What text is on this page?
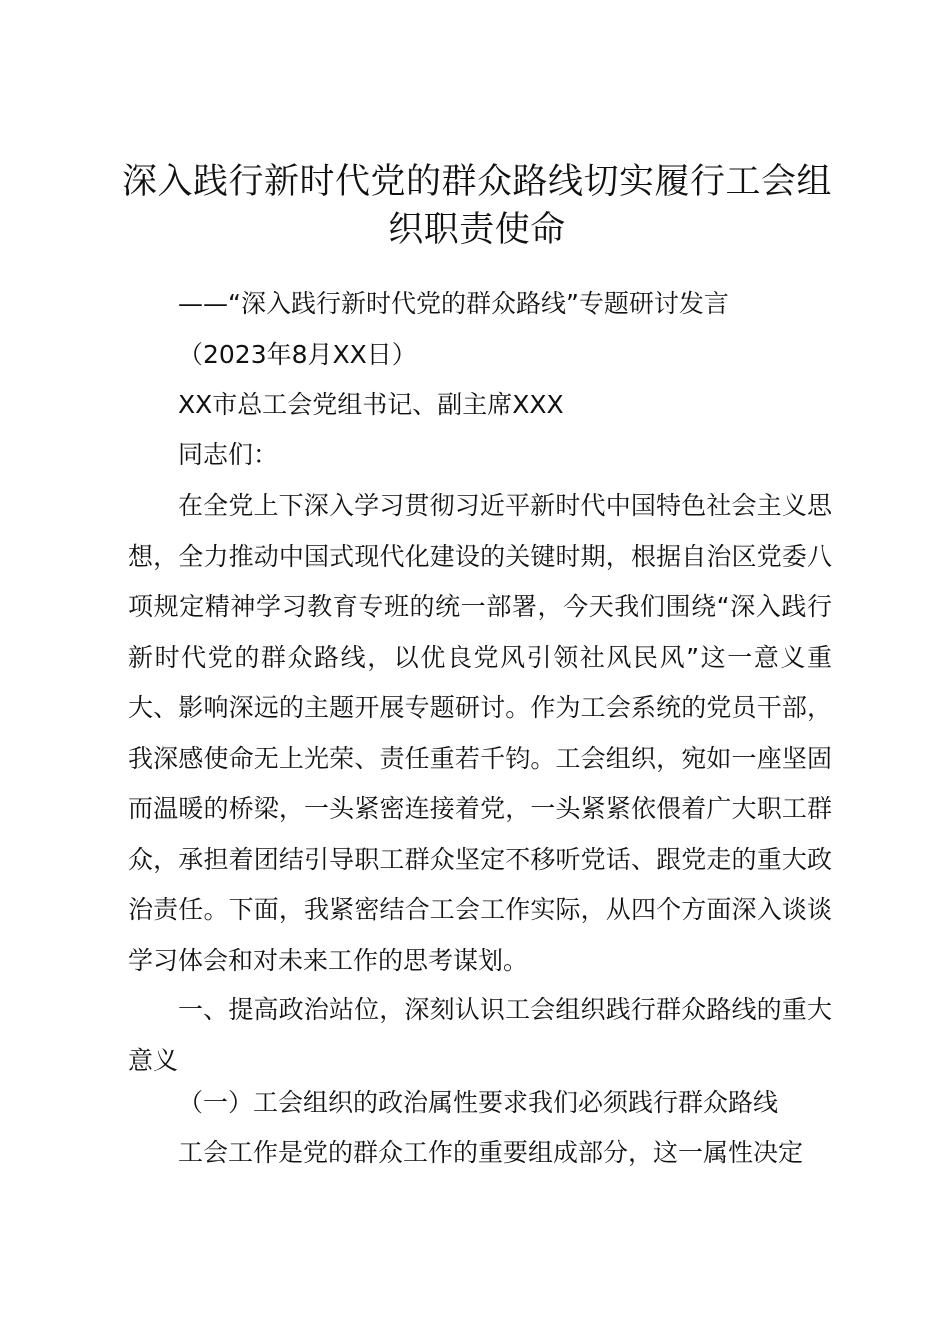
深入践行新时代党的群众路线切实履行工会组织职责使命

——“深入践行新时代党的群众路线”专题研讨发言

（2023年8月XX日）

XX市总工会党组书记、副主席XXX

同志们：

在全党上下深入学习贯彻习近平新时代中国特色社会主义思想，全力推动中国式现代化建设的关键时期，根据自治区党委八项规定精神学习教育专班的统一部署，今天我们围绕“深入践行新时代党的群众路线，以优良党风引领社风民风”这一意义重大、影响深远的主题开展专题研讨。作为工会系统的党员干部，我深感使命无上光荣、责任重若千钧。工会组织，宛如一座坚固而温暖的桥梁，一头紧密连接着党，一头紧紧依偎着广大职工群众，承担着团结引导职工群众坚定不移听党话、跟党走的重大政治责任。下面，我紧密结合工会工作实际，从四个方面深入谈谈学习体会和对未来工作的思考谋划。

一、提高政治站位，深刻认识工会组织践行群众路线的重大意义

（一）工会组织的政治属性要求我们必须践行群众路线

工会工作是党的群众工作的重要组成部分，这一属性决定
